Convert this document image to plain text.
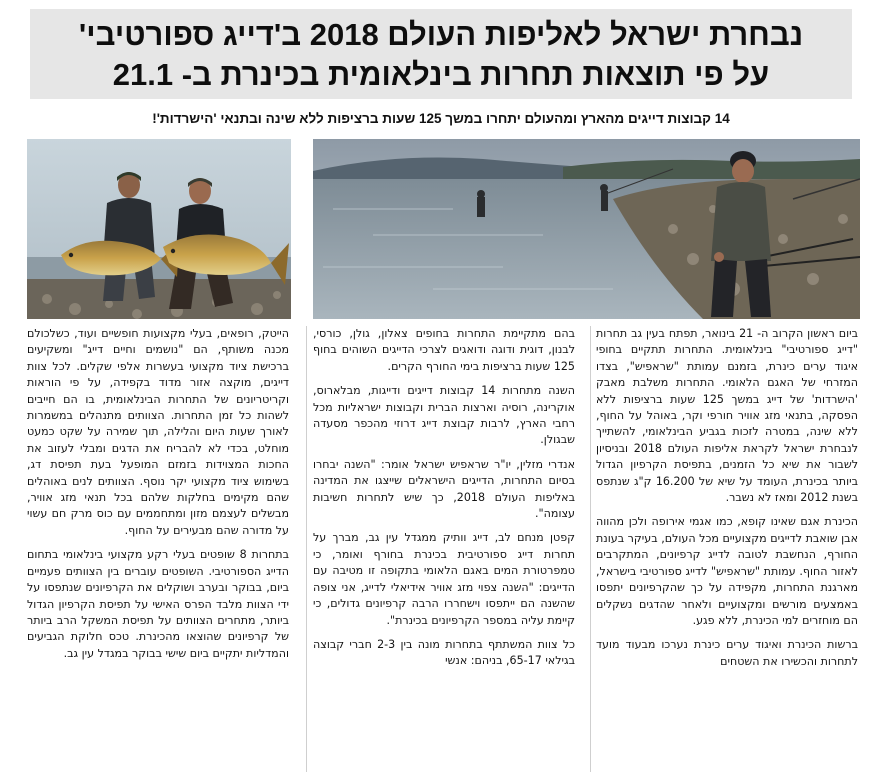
נבחרת ישראל לאליפות העולם 2018 ב'דייג ספורטיבי'
על פי תוצאות תחרות בינלאומית בכינרת ב- 21.1
14 קבוצות דייגים מהארץ ומהעולם יתחרו במשך 125 שעות ברציפות ללא שינה ובתנאי 'הישרדות'!

ביום ראשון הקרוב ה- 21 בינואר, תפתח בעין גב תחרות "דייג ספורטיבי" בינלאומית. התחרות תתקיים בחופי איגוד ערים כינרת, בזמנם עמותת "שראפיש", בצדו המזרחי של האגם הלאומי. התחרות משלבת מאבק 'הישרדות' של דייג במשך 125 שעות ברציפות ללא הפסקה, בתנאי מזג אוויר חורפי וקר, באוהל על החוף, ללא שינה, במטרה לזכות בגביע הבינלאומי, להשתייך לנבחרת ישראל לקראת אליפות העולם 2018 ובניסיון לשבור את שיא כל הזמנים, בתפיסת הקרפיון הגדול ביותר בכינרת, העומד על שיא של 16.200 ק"ג שנתפס בשנת 2012 ומאז לא נשבר.

הכינרת אגם שאינו קופא, כמו אגמי אירופה ולכן מהווה אבן שואבת לדייגים מקצועיים מכל העולם, בעיקר בעונת החורף, הנחשבת לטובה לדייג קרפיונים, המתקרבים לאזור החוף. עמותת "שראפיש" לדייג ספורטיבי בישראל, מארגנת התחרות, מקפידה על כך שהקרפיונים יתפסו באמצעים מורשים ומקצועיים ולאחר שהדגים נשקלים הם מוחזרים למי הכינרת, ללא פגע.

ברשות הכינרת ואיגוד ערים כינרת נערכו מבעוד מועד לתחרות והכשירו את השטחים

בהם מתקיימת התחרות בחופים צאלון, גולן, כורסי, לבנון, דוגית ודוגה ודואגים לצרכי הדייגים השוהים בחוף 125 שעות ברציפות בימי החורף הקרים.

השנה מתחרות 14 קבוצות דייגים ודייגות, מבלארוס, אוקרינה, רוסיה וארצות הברית וקבוצות ישראליות מכל רחבי הארץ, לרבות קבוצת דייג דרוזי מהכפר מסעדה שבגולן.

אנדרי מזלין, יו"ר שראפיש ישראל אומר: "השנה יבחרו בסיום התחרות, הדייגים הישראלים שייצגו את המדינה באליפות העולם 2018, כך שיש לתחרות חשיבות עצומה".

קפטן מנחם לב, דייג וותיק ממגדל עין גב, מברך על תחרות דייג ספורטיבית בכינרת בחורף ואומר, כי טמפרטורת המים באגם הלאומי בתקופה זו מטיבה עם הדייגים: "השנה צפוי מזג אוויר אידיאלי לדייג, אני צופה שהשנה הם ייתפסו וישחררו הרבה קרפיונים גדולים, כי קיימת עליה במספר הקרפיונים בכינרת".

כל צוות המשתתף בתחרות מונה בין 2-3 חברי קבוצה בגילאי 65-17, בניהם: אנשי

הייטק, רופאים, בעלי מקצועות חופשיים ועוד, כשלכולם מכנה משותף, הם "נושמים וחיים דייג" ומשקיעים ברכישת ציוד מקצועי בעשרות אלפי שקלים. לכל צוות דייגים, מוקצה אזור מדוד בקפידה, על פי הוראות וקריטריונים של התחרות הבינלאומית, בו הם חייבים לשהות כל זמן התחרות. הצוותים מתנהלים במשמרות לאורך שעות היום והלילה, תוך שמירה על שקט כמעט מוחלט, בכדי לא להבריח את הדגים ומבלי לעזוב את החכות המצוידות בזמזם המופעל בעת תפיסת דג, בשימוש ציוד מקצועי יקר נוסף. הצוותים לנים באוהלים שהם מקימים בחלקות שלהם בכל תנאי מזג אוויר, מבשלים לעצמם מזון ומתחממים עם כוס מרק חם עשוי על מדורה שהם מבעירים על החוף.

בתחרות 8 שופטים בעלי רקע מקצועי בינלאומי בתחום הדייג הספורטיבי. השופטים עוברים בין הצוותים פעמיים ביום, בבוקר ובערב ושוקלים את הקרפיונים שנתפסו על ידי הצוות מלבד הפרס האישי על תפיסת הקרפיון הגדול ביותר, מתחרים הצוותים על תפיסת המשקל הרב ביותר של קרפיונים שהוצאו מהכינרת. טכס חלוקת הגביעים והמדליות יתקיים ביום שישי בבוקר במגדל עין גב.
